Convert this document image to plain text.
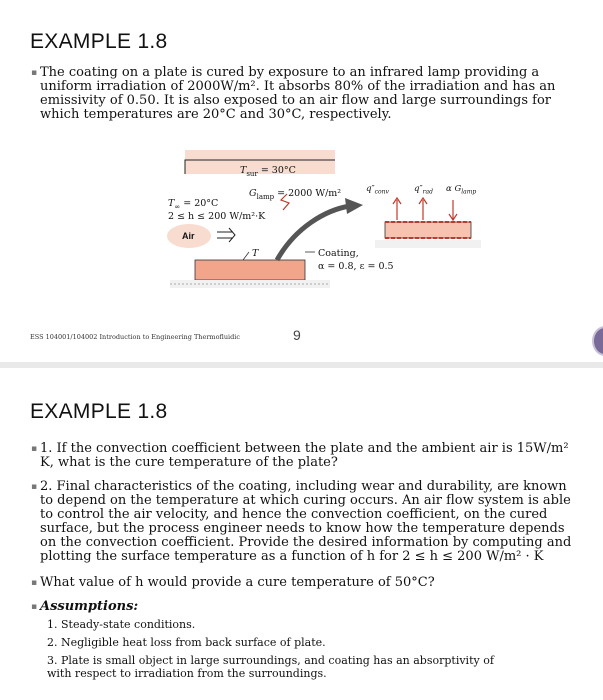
EXAMPLE 1.8
▪ The coating on a plate is cured by exposure to an infrared lamp providing a
uniform irradiation of 2000W/m². It absorbs 80% of the irradiation and has an
emissivity of 0.50. It is also exposed to an air flow and large surroundings for
which temperatures are 20°C and 30°C, respectively.
$T_{sur} = 30^\circ C$
$G_{lamp} = 2000$ W/m²
$T_\infty = 20^\circ C$
2 ≤ h ≤ 200 W/m²·K
Air
T	Coating,
α = 0.8, ε = 0.5
$q''_{conv}$	$q''_{rad}$ α $G_{lamp}$
ESS 104001/104002 Introduction to Engineering Thermofluidic	9
EXAMPLE 1.8
▪ 1. If the convection coefficient between the plate and the ambient air is 15W/m²
K, what is the cure temperature of the plate?
▪ 2. Final characteristics of the coating, including wear and durability, are known
to depend on the temperature at which curing occurs. An air flow system is able
to control the air velocity, and hence the convection coefficient, on the cured
surface, but the process engineer needs to know how the temperature depends
on the convection coefficient. Provide the desired information by computing and
plotting the surface temperature as a function of h for 2 ≤ h ≤ 200 W/m² · K
▪ What value of h would provide a cure temperature of 50°C?
▪ Assumptions:
1. Steady-state conditions.
2. Negligible heat loss from back surface of plate.
3. Plate is small object in large surroundings, and coating has an absorptivity of
with respect to irradiation from the surroundings.
